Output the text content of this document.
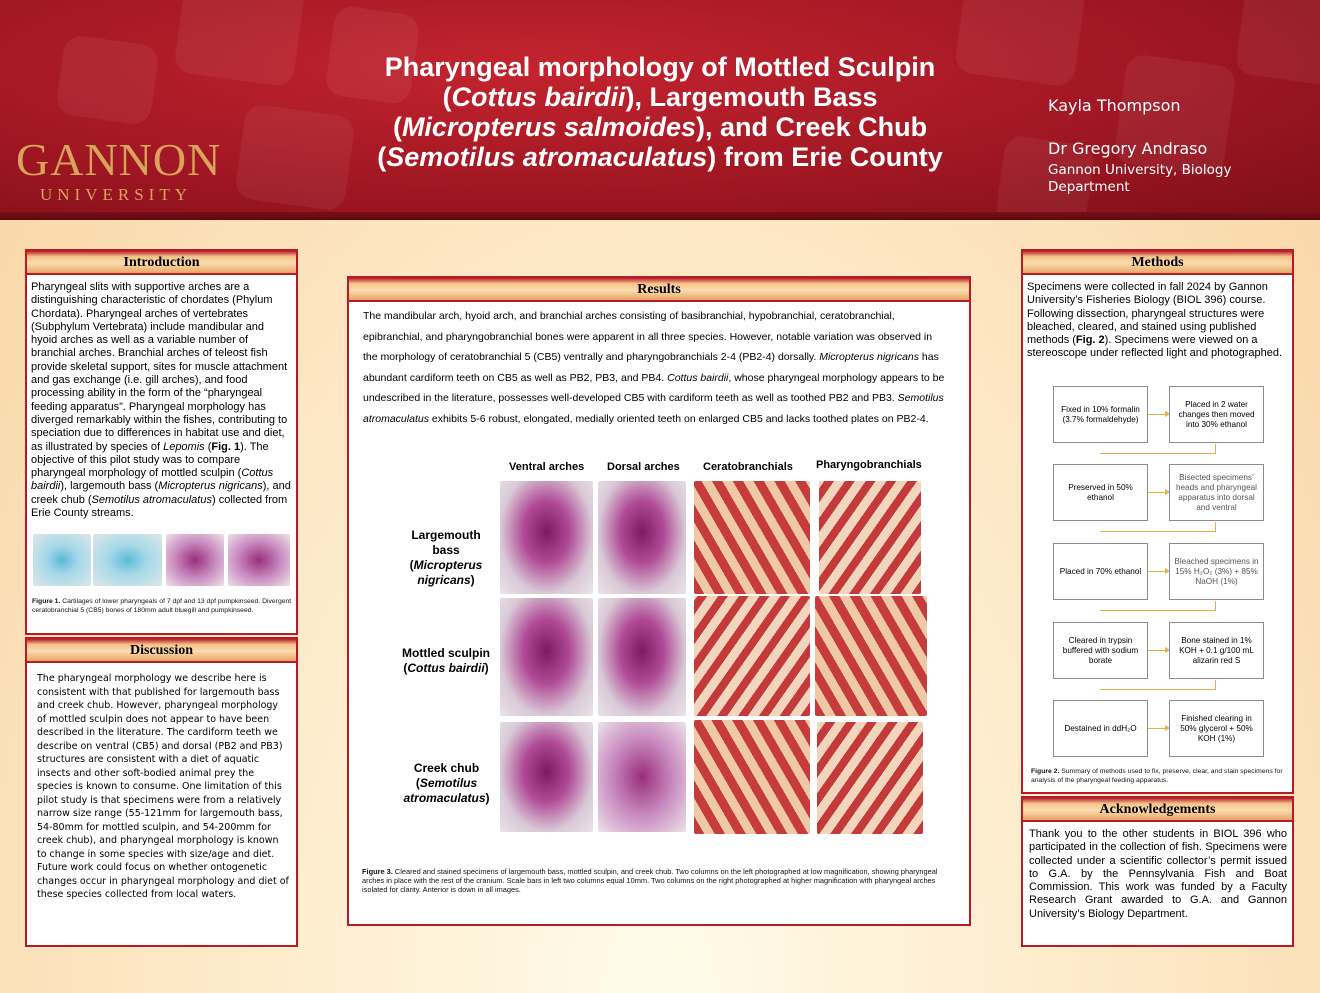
GANNON
UNIVERSITY
Pharyngeal morphology of Mottled Sculpin
(Cottus bairdii), Largemouth Bass
(Micropterus salmoides), and Creek Chub
(Semotilus atromaculatus) from Erie County
Kayla Thompson
Dr Gregory Andraso
Gannon University, Biology Department
Introduction
Pharyngeal slits with supportive arches are a distinguishing characteristic of chordates (Phylum Chordata). Pharyngeal arches of vertebrates (Subphylum Vertebrata) include mandibular and hyoid arches as well as a variable number of branchial arches. Branchial arches of teleost fish provide skeletal support, sites for muscle attachment and gas exchange (i.e. gill arches), and food processing ability in the form of the “pharyngeal feeding apparatus”. Pharyngeal morphology has diverged remarkably within the fishes, contributing to speciation due to differences in habitat use and diet, as illustrated by species of Lepomis (Fig. 1). The objective of this pilot study was to compare pharyngeal morphology of mottled sculpin (Cottus bairdii), largemouth bass (Micropterus nigricans), and creek chub (Semotilus atromaculatus) collected from Erie County streams.
Figure 1. Cartilages of lower pharyngeals of 7 dpf and 13 dpf pumpkinseed. Divergent ceratobranchial 5 (CB5) bones of 180mm adult bluegill and pumpkinseed.
Discussion
The pharyngeal morphology we describe here is consistent with that published for largemouth bass and creek chub. However, pharyngeal morphology of mottled sculpin does not appear to have been described in the literature. The cardiform teeth we describe on ventral (CB5) and dorsal (PB2 and PB3) structures are consistent with a diet of aquatic insects and other soft-bodied animal prey the species is known to consume. One limitation of this pilot study is that specimens were from a relatively narrow size range (55-121mm for largemouth bass, 54-80mm for mottled sculpin, and 54-200mm for creek chub), and pharyngeal morphology is known to change in some species with size/age and diet. Future work could focus on whether ontogenetic changes occur in pharyngeal morphology and diet of these species collected from local waters.
Results
The mandibular arch, hyoid arch, and branchial arches consisting of basibranchial, hypobranchial, ceratobranchial, epibranchial, and pharyngobranchial bones were apparent in all three species. However, notable variation was observed in the morphology of ceratobranchial 5 (CB5) ventrally and pharyngobranchials 2-4 (PB2-4) dorsally. Micropterus nigricans has abundant cardiform teeth on CB5 as well as PB2, PB3, and PB4. Cottus bairdii, whose pharyngeal morphology appears to be undescribed in the literature, possesses well-developed CB5 with cardiform teeth as well as toothed PB2 and PB3. Semotilus atromaculatus exhibits 5-6 robust, elongated, medially oriented teeth on enlarged CB5 and lacks toothed plates on PB2-4.
Ventral arches Dorsal arches Ceratobranchials Pharyngobranchials
Largemouth bass
(Micropterus nigricans)
Mottled sculpin
(Cottus bairdii)
Creek chub
(Semotilus atromaculatus)
Figure 3. Cleared and stained specimens of largemouth bass, mottled sculpin, and creek chub. Two columns on the left photographed at low magnification, showing pharyngeal arches in place with the rest of the cranium. Scale bars in left two columns equal 10mm. Two columns on the right photographed at higher magnification with pharyngeal arches isolated for clarity. Anterior is down in all images.
Methods
Specimens were collected in fall 2024 by Gannon University’s Fisheries Biology (BIOL 396) course. Following dissection, pharyngeal structures were bleached, cleared, and stained using published methods (Fig. 2). Specimens were viewed on a stereoscope under reflected light and photographed.
Fixed in 10% formalin (3.7% formaldehyde)
Placed in 2 water changes then moved into 30% ethanol
Preserved in 50% ethanol
Bisected specimens’ heads and pharyngeal apparatus into dorsal and ventral
Placed in 70% ethanol
Bleached specimens in 15% H₂O₂ (3%) + 85% NaOH (1%)
Cleared in trypsin buffered with sodium borate
Bone stained in 1% KOH + 0.1 g/100 mL alizarin red S
Destained in ddH₂O
Finished clearing in 50% glycerol + 50% KOH (1%)
Figure 2. Summary of methods used to fix, preserve, clear, and stain specimens for analysis of the pharyngeal feeding apparatus.
Acknowledgements
Thank you to the other students in BIOL 396 who participated in the collection of fish. Specimens were collected under a scientific collector’s permit issued to G.A. by the Pennsylvania Fish and Boat Commission. This work was funded by a Faculty Research Grant awarded to G.A. and Gannon University’s Biology Department.
